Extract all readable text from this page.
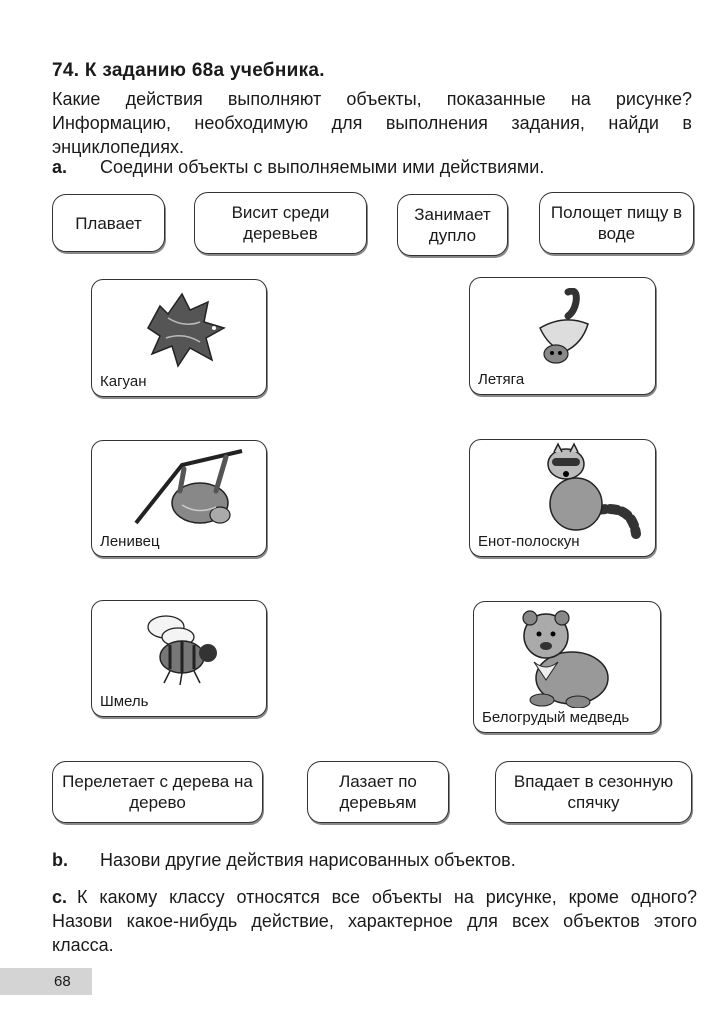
74. К заданию 68а учебника.
Какие действия выполняют объекты, показанные на рисунке? Информацию, необходимую для выполнения задания, найди в энциклопедиях.
a. Соедини объекты с выполняемыми ими действиями.
Плавает
Висит среди деревьев
Занимает дупло
Полощет пищу в воде
Кагуан	Летяга
Ленивец	Енот-полоскун
Шмель
Белогрудый медведь
Перелетает с дерева на дерево
Лазает по деревьям
Впадает в сезонную спячку
b. Назови другие действия нарисованных объектов.
c. К какому классу относятся все объекты на рисунке, кроме одного? Назови какое-нибудь действие, характерное для всех объектов этого класса.
68
